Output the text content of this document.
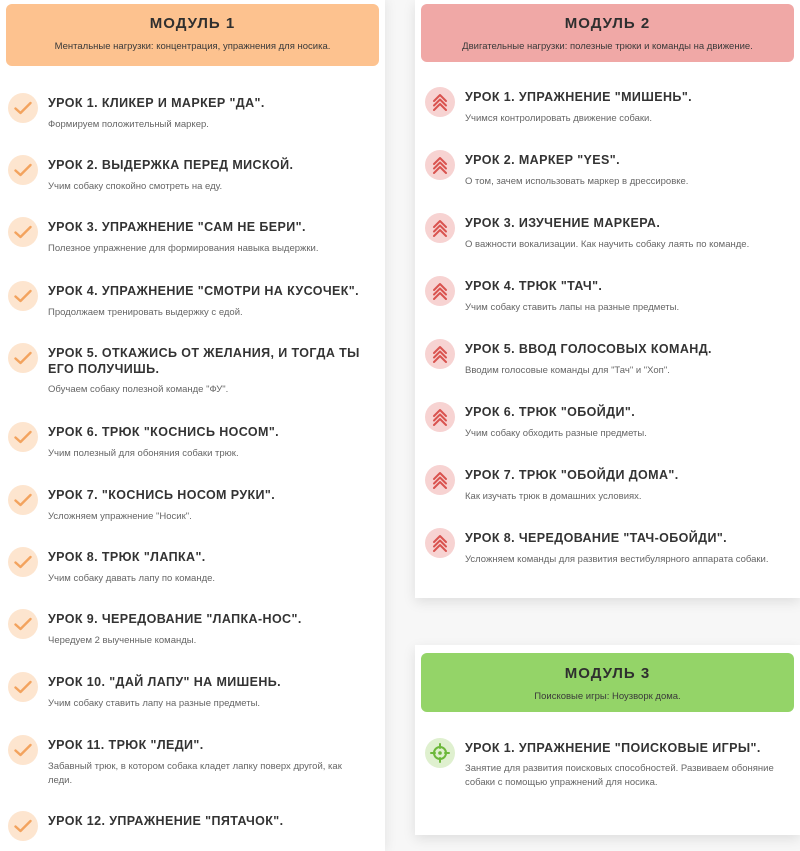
МОДУЛЬ 1
Ментальные нагрузки: концентрация, упражнения для носика.
УРОК 1. КЛИКЕР И МАРКЕР "ДА".
Формируем положительный маркер.
УРОК 2. ВЫДЕРЖКА ПЕРЕД МИСКОЙ.
Учим собаку спокойно смотреть на еду.
УРОК 3. УПРАЖНЕНИЕ "САМ НЕ БЕРИ".
Полезное упражнение для формирования навыка выдержки.
УРОК 4. УПРАЖНЕНИЕ "СМОТРИ НА КУСОЧЕК".
Продолжаем тренировать выдержку с едой.
УРОК 5. ОТКАЖИСЬ ОТ ЖЕЛАНИЯ, И ТОГДА ТЫ ЕГО ПОЛУЧИШЬ.
Обучаем собаку полезной команде "ФУ".
УРОК 6. ТРЮК "КОСНИСЬ НОСОМ".
Учим полезный для обоняния собаки трюк.
УРОК 7. "КОСНИСЬ НОСОМ РУКИ".
Усложняем упражнение "Носик".
УРОК 8. ТРЮК "ЛАПКА".
Учим собаку давать лапу по команде.
УРОК 9. ЧЕРЕДОВАНИЕ "ЛАПКА-НОС".
Чередуем 2 выученные команды.
УРОК 10. "ДАЙ ЛАПУ" НА МИШЕНЬ.
Учим собаку ставить лапу на разные предметы.
УРОК 11. ТРЮК "ЛЕДИ".
Забавный трюк, в котором собака кладет лапку поверх другой, как леди.
УРОК 12. УПРАЖНЕНИЕ "ПЯТАЧОК".
МОДУЛЬ 2
Двигательные нагрузки: полезные трюки и команды на движение.
УРОК 1. УПРАЖНЕНИЕ "МИШЕНЬ".
Учимся контролировать движение собаки.
УРОК 2. МАРКЕР "YES".
О том, зачем использовать маркер в дрессировке.
УРОК 3. ИЗУЧЕНИЕ МАРКЕРА.
О важности вокализации. Как научить собаку лаять по команде.
УРОК 4. ТРЮК "ТАЧ".
Учим собаку ставить лапы на разные предметы.
УРОК 5. ВВОД ГОЛОСОВЫХ КОМАНД.
Вводим голосовые команды для "Тач" и "Хоп".
УРОК 6. ТРЮК "ОБОЙДИ".
Учим собаку обходить разные предметы.
УРОК 7. ТРЮК "ОБОЙДИ ДОМА".
Как изучать трюк в домашних условиях.
УРОК 8. ЧЕРЕДОВАНИЕ "ТАЧ-ОБОЙДИ".
Усложняем команды для развития вестибулярного аппарата собаки.
МОДУЛЬ 3
Поисковые игры: Ноузворк дома.
УРОК 1. УПРАЖНЕНИЕ "ПОИСКОВЫЕ ИГРЫ".
Занятие для развития поисковых способностей. Развиваем обоняние собаки с помощью упражнений для носика.
